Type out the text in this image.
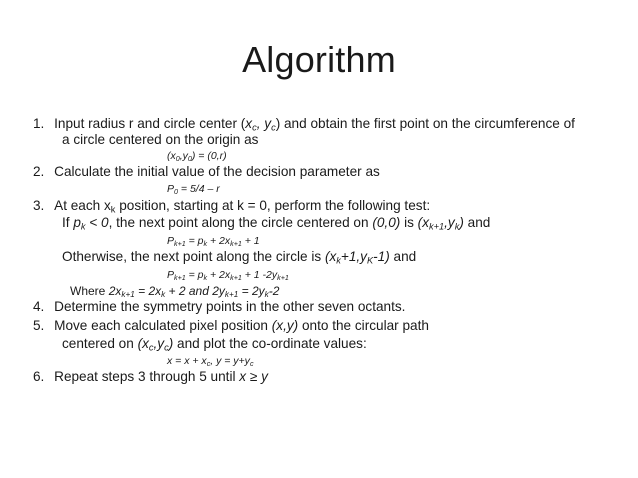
Algorithm
1. Input radius r and circle center ($x_c$, $y_c$) and obtain the first point on the circumference of
a circle centered on the origin as
$(x_0,y_0) = (0,r)$
2. Calculate the initial value of the decision parameter as
$P_0 = 5/4 - r$
3. At each $x_k$ position, starting at k = 0, perform the following test:
If $p_k < 0$, the next point along the circle centered on (0,0) is $(x_{k+1},y_k)$ and
$P_{k+1} = p_k + 2x_{k+1} + 1$
Otherwise, the next point along the circle is $(x_k+1,y_K-1)$ and
$P_{k+1} = p_k + 2x_{k+1} + 1$ $-2y_{k+1}$
Where $2x_{k+1} = 2x_k + 2$ and $2y_{k+1} = 2y_k-2$
4. Determine the symmetry points in the other seven octants.
5. Move each calculated pixel position (x,y) onto the circular path
centered on $(x_c,y_c)$ and plot the co-ordinate values:
$x = x + x_c$, $y = y+y_c$
6. Repeat steps 3 through 5 until x ≥ y
